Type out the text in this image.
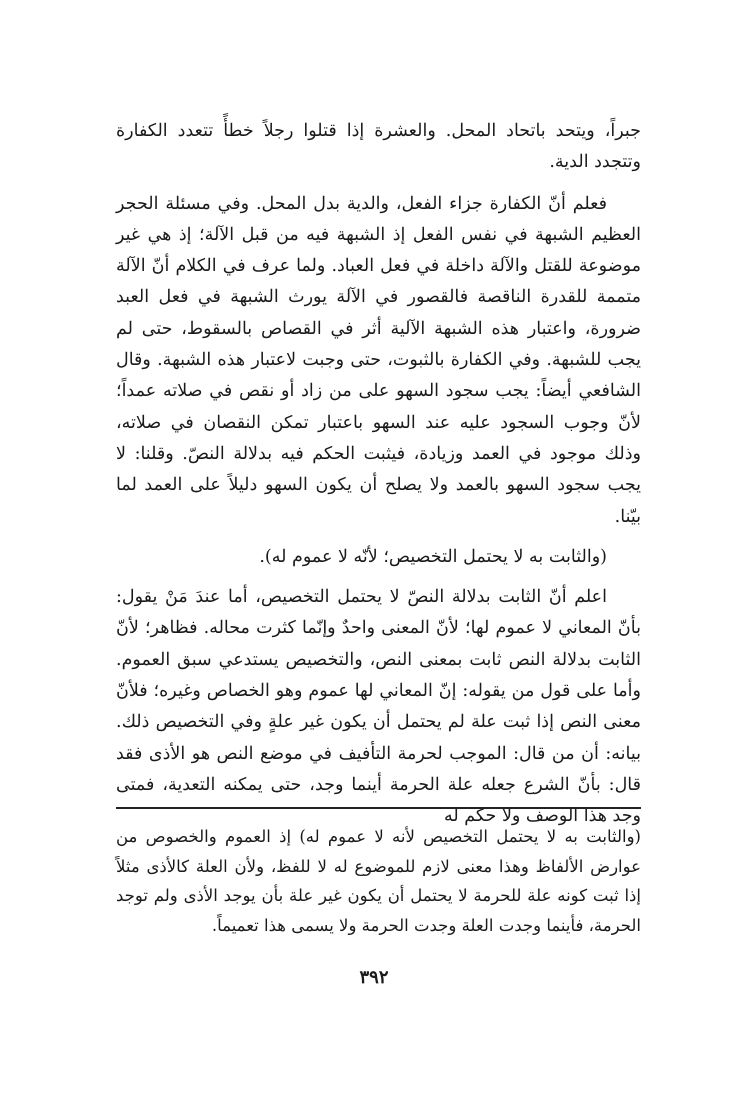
جبراً، ويتحد باتحاد المحل. والعشرة إذا قتلوا رجلاً خطأً تتعدد الكفارة وتتجدد الدية.

فعلم أنّ الكفارة جزاء الفعل، والدية بدل المحل. وفي مسئلة الحجر العظيم الشبهة في نفس الفعل إذ الشبهة فيه من قبل الآلة؛ إذ هي غير موضوعة للقتل والآلة داخلة في فعل العباد. ولما عرف في الكلام أنّ الآلة متممة للقدرة الناقصة فالقصور في الآلة يورث الشبهة في فعل العبد ضرورة، واعتبار هذه الشبهة الآلية أثر في القصاص بالسقوط، حتى لم يجب للشبهة. وفي الكفارة بالثبوت، حتى وجبت لاعتبار هذه الشبهة. وقال الشافعي أيضاً: يجب سجود السهو على من زاد أو نقص في صلاته عمداً؛ لأنّ وجوب السجود عليه عند السهو باعتبار تمكن النقصان في صلاته، وذلك موجود في العمد وزيادة، فيثبت الحكم فيه بدلالة النصّ. وقلنا: لا يجب سجود السهو بالعمد ولا يصلح أن يكون السهو دليلاً على العمد لما بيّنا.

(والثابت به لا يحتمل التخصيص؛ لأنّه لا عموم له).

اعلم أنّ الثابت بدلالة النصّ لا يحتمل التخصيص، أما عندَ مَنْ يقول: بأنّ المعاني لا عموم لها؛ لأنّ المعنى واحدٌ وإنّما كثرت محاله. فظاهر؛ لأنّ الثابت بدلالة النص ثابت بمعنى النص، والتخصيص يستدعي سبق العموم. وأما على قول من يقوله: إنّ المعاني لها عموم وهو الخصاص وغيره؛ فلأنّ معنى النص إذا ثبت علة لم يحتمل أن يكون غير علةٍ وفي التخصيص ذلك. بيانه: أن من قال: الموجب لحرمة التأفيف في موضع النص هو الأذى فقد قال: بأنّ الشرع جعله علة الحرمة أينما وجد، حتى يمكنه التعدية، فمتى وجد هذا الوصف ولا حكم له

(والثابت به لا يحتمل التخصيص لأنه لا عموم له) إذ العموم والخصوص من عوارض الألفاظ وهذا معنى لازم للموضوع له لا للفظ، ولأن العلة كالأذى مثلاً إذا ثبت كونه علة للحرمة لا يحتمل أن يكون غير علة بأن يوجد الأذى ولم توجد الحرمة، فأينما وجدت العلة وجدت الحرمة ولا يسمى هذا تعميماً.

٣٩٢
